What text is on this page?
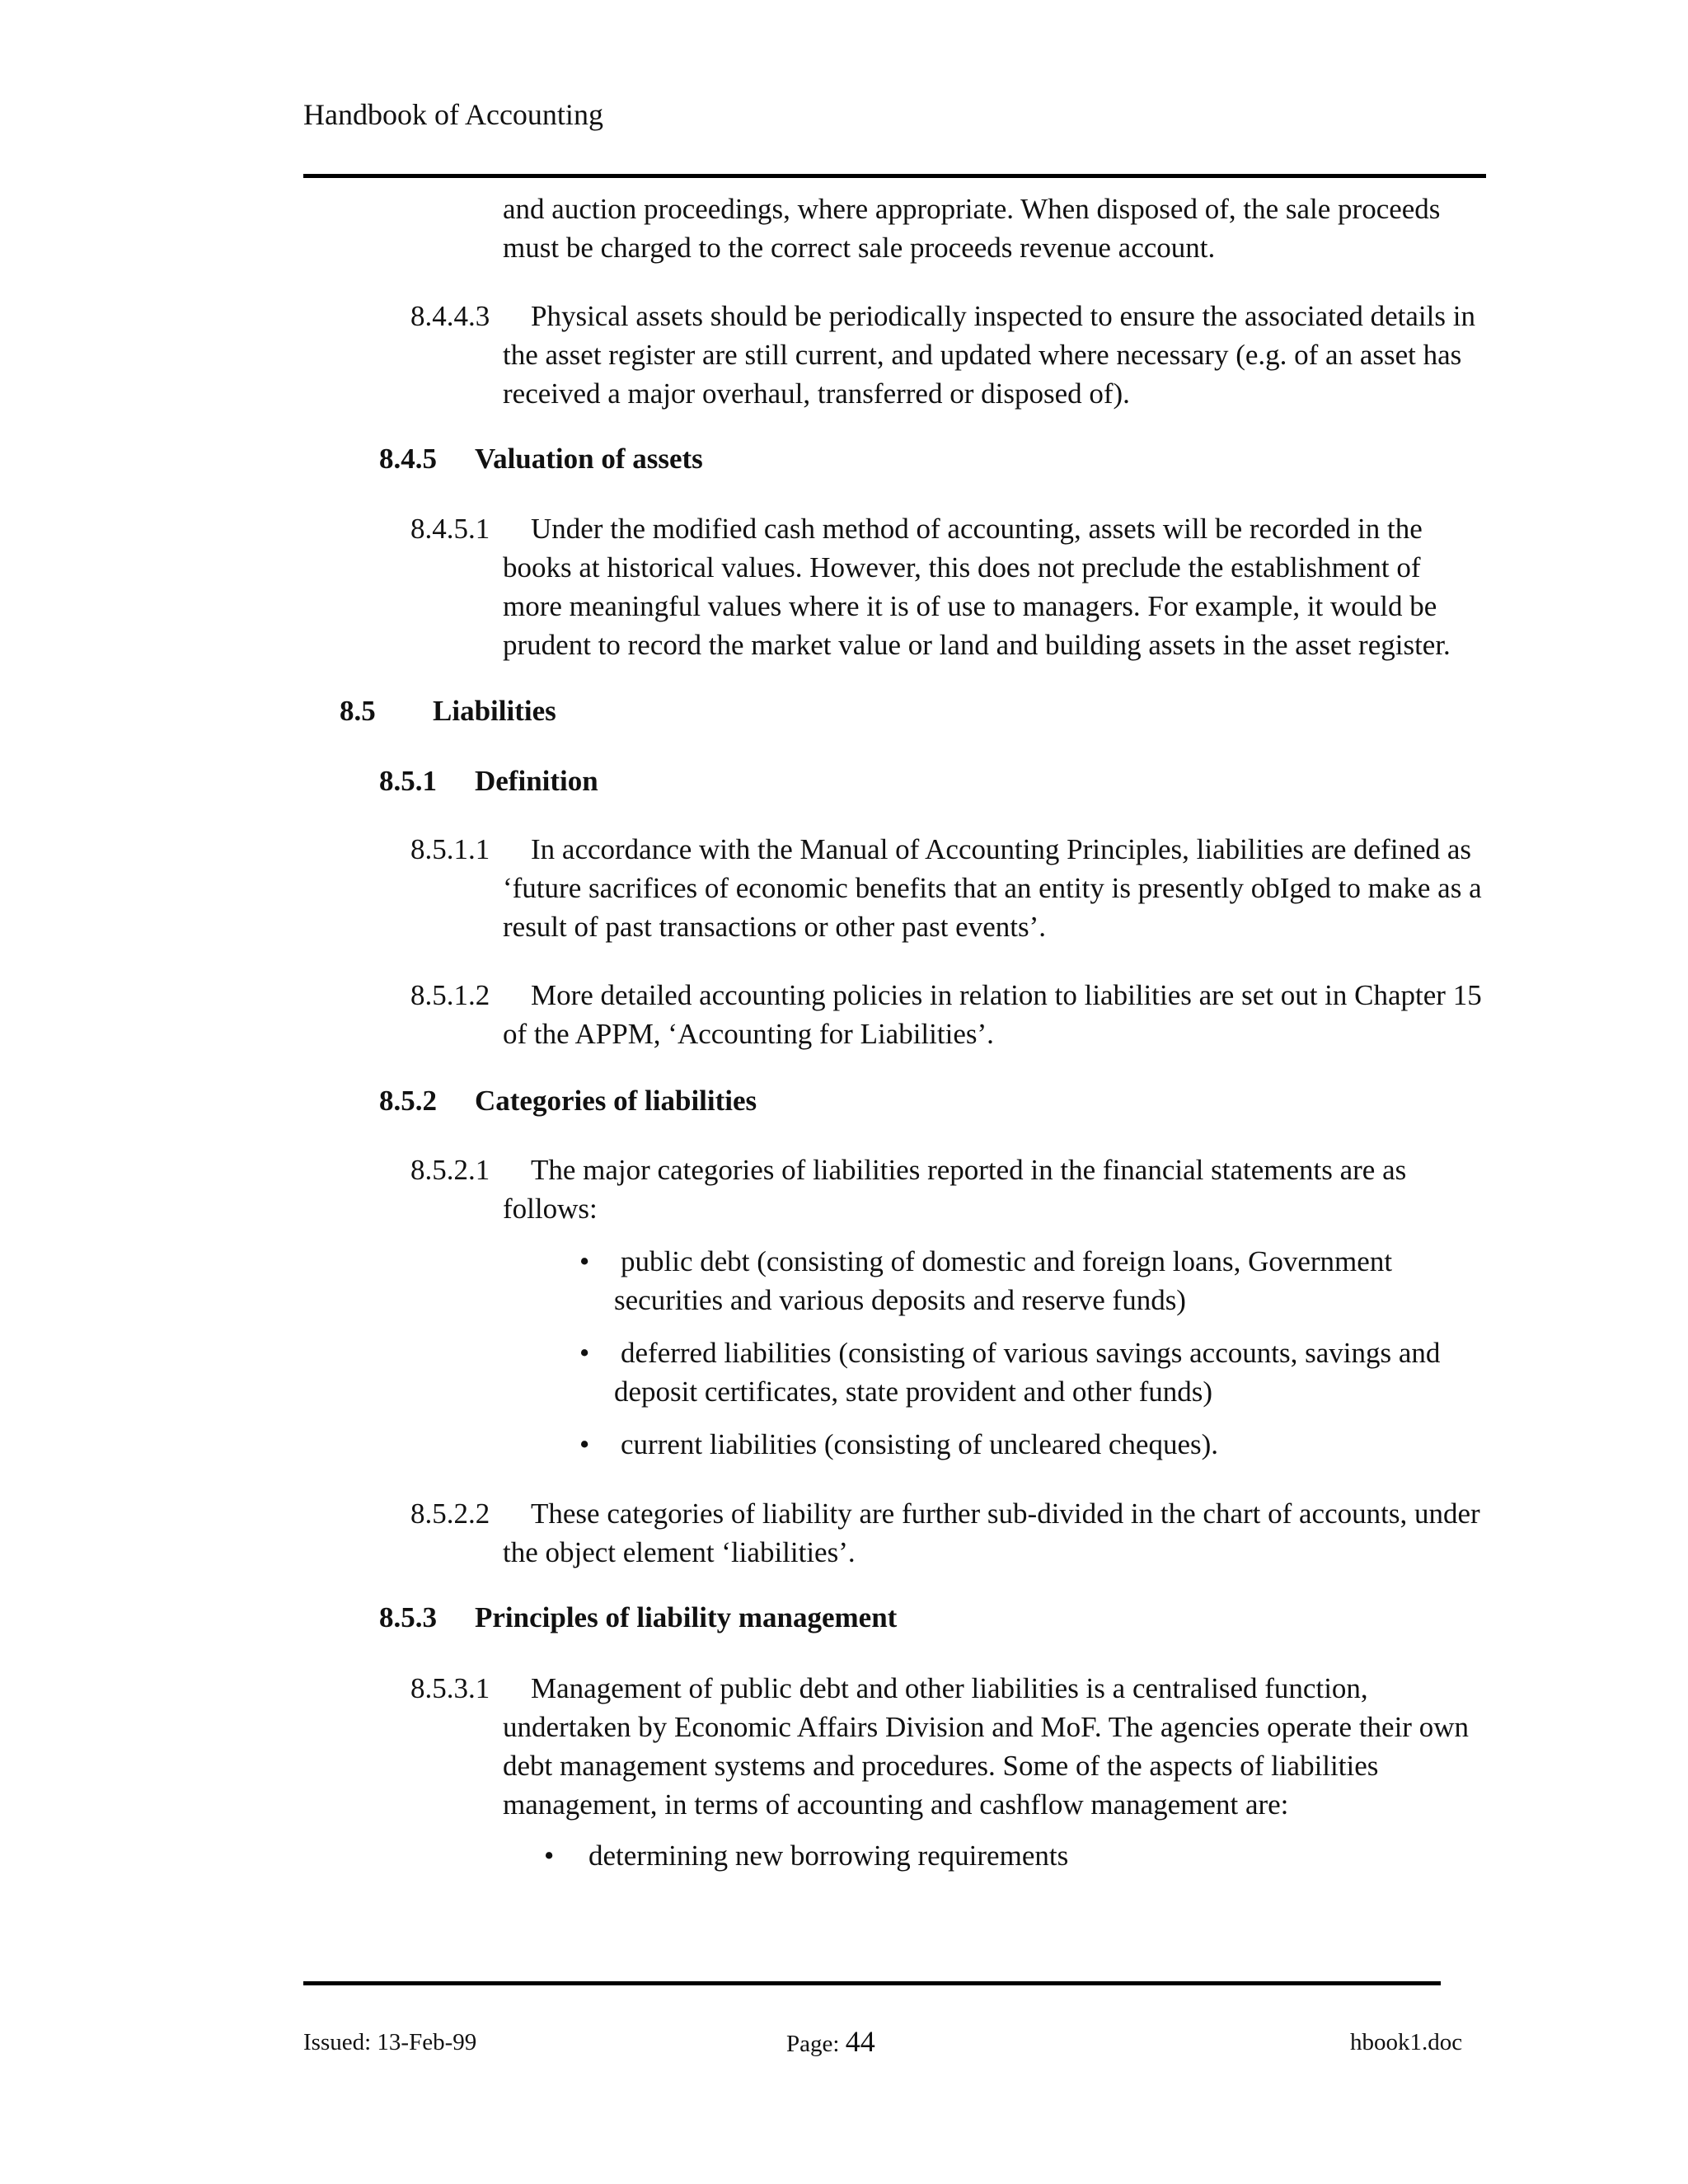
Handbook of Accounting
and auction proceedings, where appropriate. When disposed of, the sale proceeds
must be charged to the correct sale proceeds revenue account.
8.4.4.3	Physical assets should be periodically inspected to ensure the associated details in
the asset register are still current, and updated where necessary (e.g. of an asset has
received a major overhaul, transferred or disposed of).
8.4.5 Valuation of assets
8.4.5.1	Under the modified cash method of accounting, assets will be recorded in the
books at historical values. However, this does not preclude the establishment of
more meaningful values where it is of use to managers. For example, it would be
prudent to record the market value or land and building assets in the asset register.
8.5 Liabilities
8.5.1 Definition
8.5.1.1	In accordance with the Manual of Accounting Principles, liabilities are defined as
‘future sacrifices of economic benefits that an entity is presently obIged to make as a
result of past transactions or other past events’.
8.5.1.2	More detailed accounting policies in relation to liabilities are set out in Chapter 15
of the APPM, ‘Accounting for Liabilities’.
8.5.2 Categories of liabilities
8.5.2.1	The major categories of liabilities reported in the financial statements are as
follows:
•	public debt (consisting of domestic and foreign loans, Government
securities and various deposits and reserve funds)
•	deferred liabilities (consisting of various savings accounts, savings and
deposit certificates, state provident and other funds)
•	current liabilities (consisting of uncleared cheques).
8.5.2.2	These categories of liability are further sub-divided in the chart of accounts, under
the object element ‘liabilities’.
8.5.3 Principles of liability management
8.5.3.1	Management of public debt and other liabilities is a centralised function,
undertaken by Economic Affairs Division and MoF. The agencies operate their own
debt management systems and procedures. Some of the aspects of liabilities
management, in terms of accounting and cashflow management are:
•	determining new borrowing requirements
Issued: 13-Feb-99	Page: 44	hbook1.doc
